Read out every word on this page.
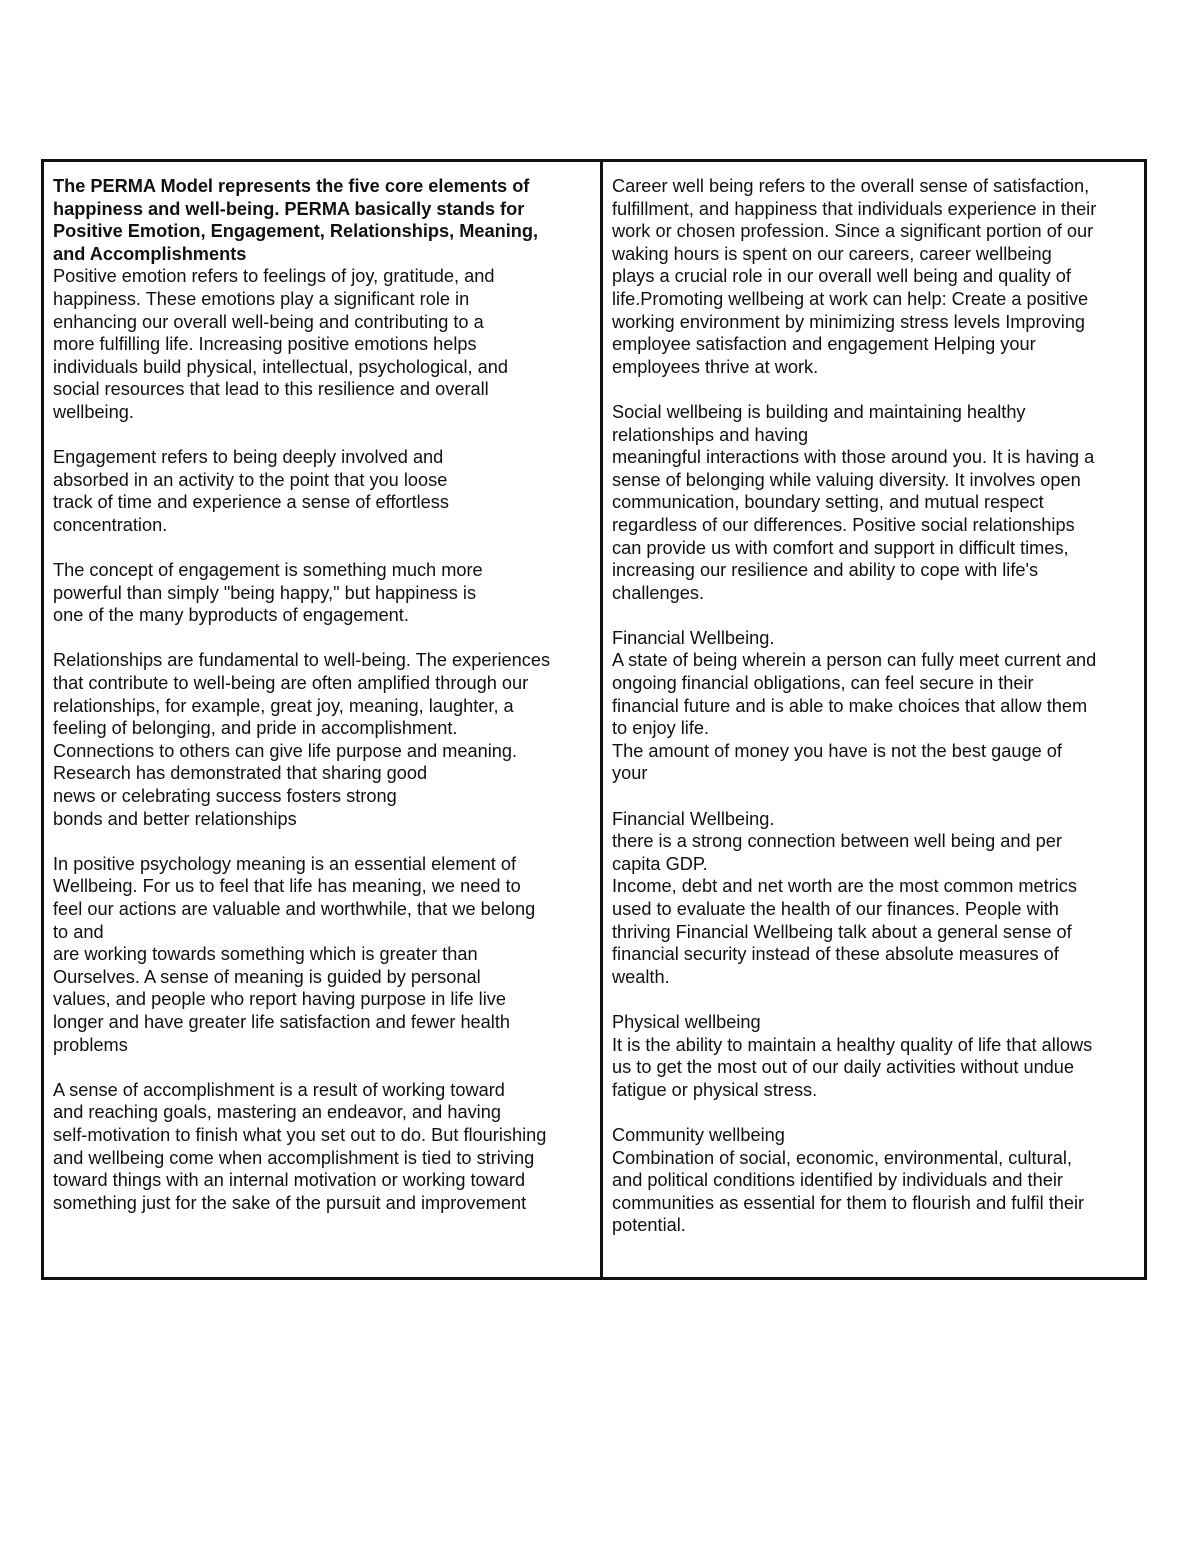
The PERMA Model represents the five core elements of
happiness and well-being. PERMA basically stands for
Positive Emotion, Engagement, Relationships, Meaning,
and Accomplishments
Positive emotion refers to feelings of joy, gratitude, and
happiness. These emotions play a significant role in
enhancing our overall well-being and contributing to a
more fulfilling life. Increasing positive emotions helps
individuals build physical, intellectual, psychological, and
social resources that lead to this resilience and overall
wellbeing.
Engagement refers to being deeply involved and
absorbed in an activity to the point that you loose
track of time and experience a sense of effortless
concentration.
The concept of engagement is something much more
powerful than simply "being happy," but happiness is
one of the many byproducts of engagement.
Relationships are fundamental to well-being. The experiences
that contribute to well-being are often amplified through our
relationships, for example, great joy, meaning, laughter, a
feeling of belonging, and pride in accomplishment.
Connections to others can give life purpose and meaning.
Research has demonstrated that sharing good
news or celebrating success fosters strong
bonds and better relationships
In positive psychology meaning is an essential element of
Wellbeing. For us to feel that life has meaning, we need to
feel our actions are valuable and worthwhile, that we belong
to and
are working towards something which is greater than
Ourselves. A sense of meaning is guided by personal
values, and people who report having purpose in life live
longer and have greater life satisfaction and fewer health
problems
A sense of accomplishment is a result of working toward
and reaching goals, mastering an endeavor, and having
self-motivation to finish what you set out to do. But flourishing
and wellbeing come when accomplishment is tied to striving
toward things with an internal motivation or working toward
something just for the sake of the pursuit and improvement
Career well being refers to the overall sense of satisfaction,
fulfillment, and happiness that individuals experience in their
work or chosen profession. Since a significant portion of our
waking hours is spent on our careers, career wellbeing
plays a crucial role in our overall well being and quality of
life.Promoting wellbeing at work can help: Create a positive
working environment by minimizing stress levels Improving
employee satisfaction and engagement Helping your
employees thrive at work.
Social wellbeing is building and maintaining healthy
relationships and having
meaningful interactions with those around you. It is having a
sense of belonging while valuing diversity. It involves open
communication, boundary setting, and mutual respect
regardless of our differences. Positive social relationships
can provide us with comfort and support in difficult times,
increasing our resilience and ability to cope with life's
challenges.
Financial Wellbeing.
A state of being wherein a person can fully meet current and
ongoing financial obligations, can feel secure in their
financial future and is able to make choices that allow them
to enjoy life.
The amount of money you have is not the best gauge of
your
Financial Wellbeing.
there is a strong connection between well being and per
capita GDP.
Income, debt and net worth are the most common metrics
used to evaluate the health of our finances. People with
thriving Financial Wellbeing talk about a general sense of
financial security instead of these absolute measures of
wealth.
Physical wellbeing
It is the ability to maintain a healthy quality of life that allows
us to get the most out of our daily activities without undue
fatigue or physical stress.
Community wellbeing
Combination of social, economic, environmental, cultural,
and political conditions identified by individuals and their
communities as essential for them to flourish and fulfil their
potential.
